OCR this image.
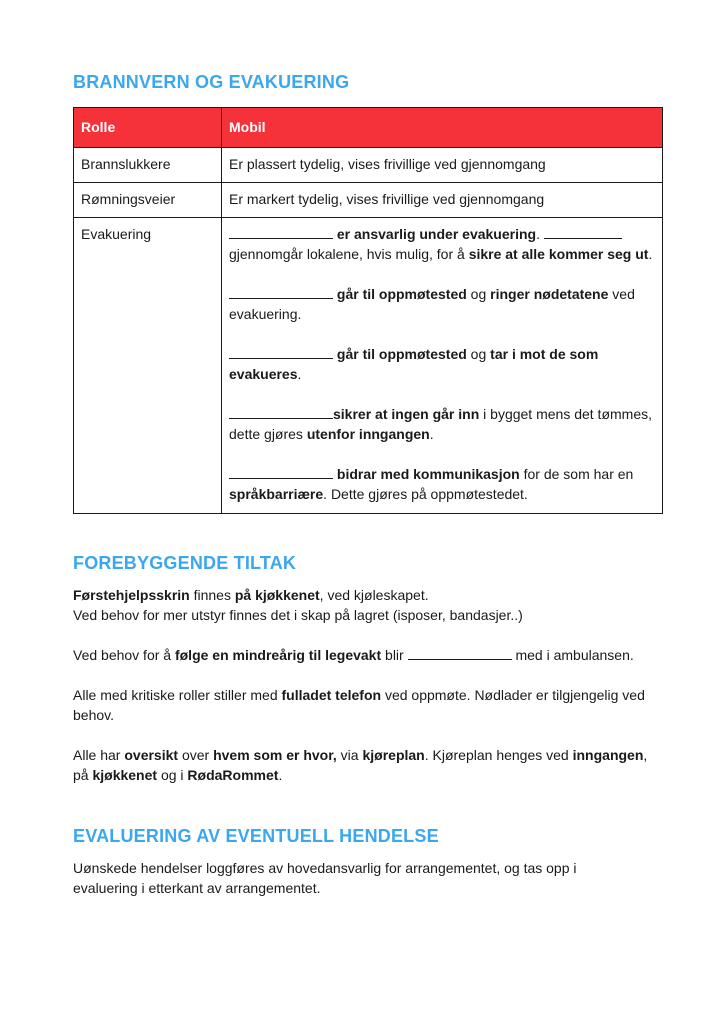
BRANNVERN OG EVAKUERING
Rolle	Mobil
Brannslukkere	Er plassert tydelig, vises frivillige ved gjennomgang
Rømningsveier	Er markert tydelig, vises frivillige ved gjennomgang
Evakuering	er ansvarlig under evakuering.  gjennomgår lokalene, hvis mulig, for å sikre at alle kommer seg ut.

går til oppmøtested og ringer nødetatene ved evakuering.

går til oppmøtested og tar i mot de som evakueres.

sikrer at ingen går inn i bygget mens det tømmes, dette gjøres utenfor inngangen.

bidrar med kommunikasjon for de som har en språkbarriære. Dette gjøres på oppmøtestedet.

FOREBYGGENDE TILTAK

Førstehjelpsskrin finnes på kjøkkenet, ved kjøleskapet.
Ved behov for mer utstyr finnes det i skap på lagret (isposer, bandasjer..)

Ved behov for å følge en mindreårig til legevakt blir	med i ambulansen.

Alle med kritiske roller stiller med fulladet telefon ved oppmøte. Nødlader er tilgjengelig ved behov.

Alle har oversikt over hvem som er hvor, via kjøreplan. Kjøreplan henges ved inngangen, på kjøkkenet og i RødaRommet.

EVALUERING AV EVENTUELL HENDELSE

Uønskede hendelser loggføres av hovedansvarlig for arrangementet, og tas opp i evaluering i etterkant av arrangementet.
